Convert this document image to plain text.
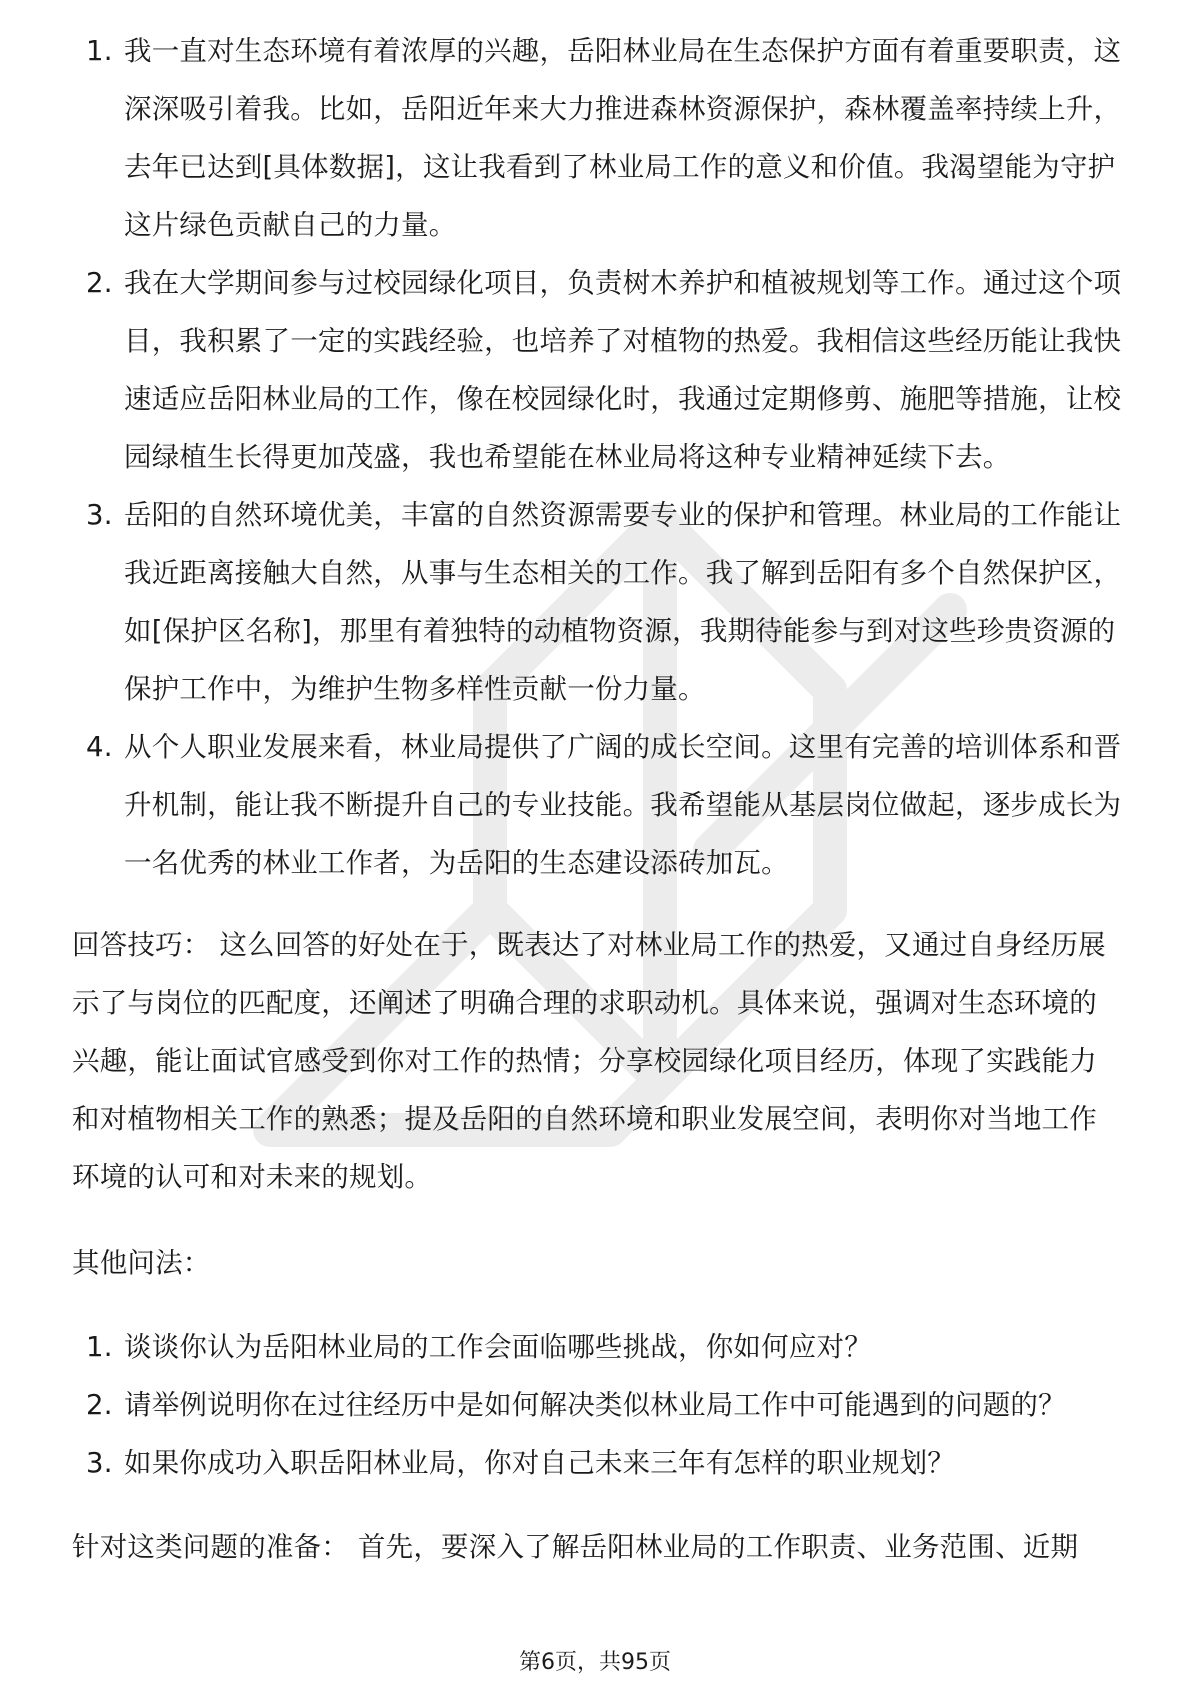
1. 我一直对生态环境有着浓厚的兴趣，岳阳林业局在生态保护方面有着重要职责，这深深吸引着我。比如，岳阳近年来大力推进森林资源保护，森林覆盖率持续上升，去年已达到[具体数据]，这让我看到了林业局工作的意义和价值。我渴望能为守护这片绿色贡献自己的力量。
2. 我在大学期间参与过校园绿化项目，负责树木养护和植被规划等工作。通过这个项目，我积累了一定的实践经验，也培养了对植物的热爱。我相信这些经历能让我快速适应岳阳林业局的工作，像在校园绿化时，我通过定期修剪、施肥等措施，让校园绿植生长得更加茂盛，我也希望能在林业局将这种专业精神延续下去。
3. 岳阳的自然环境优美，丰富的自然资源需要专业的保护和管理。林业局的工作能让我近距离接触大自然，从事与生态相关的工作。我了解到岳阳有多个自然保护区，如[保护区名称]，那里有着独特的动植物资源，我期待能参与到对这些珍贵资源的保护工作中，为维护生物多样性贡献一份力量。
4. 从个人职业发展来看，林业局提供了广阔的成长空间。这里有完善的培训体系和晋升机制，能让我不断提升自己的专业技能。我希望能从基层岗位做起，逐步成长为一名优秀的林业工作者，为岳阳的生态建设添砖加瓦。

回答技巧： 这么回答的好处在于，既表达了对林业局工作的热爱，又通过自身经历展示了与岗位的匹配度，还阐述了明确合理的求职动机。具体来说，强调对生态环境的兴趣，能让面试官感受到你对工作的热情；分享校园绿化项目经历，体现了实践能力和对植物相关工作的熟悉；提及岳阳的自然环境和职业发展空间，表明你对当地工作环境的认可和对未来的规划。

其他问法：

1. 谈谈你认为岳阳林业局的工作会面临哪些挑战，你如何应对？
2. 请举例说明你在过往经历中是如何解决类似林业局工作中可能遇到的问题的？
3. 如果你成功入职岳阳林业局，你对自己未来三年有怎样的职业规划？

针对这类问题的准备： 首先，要深入了解岳阳林业局的工作职责、业务范围、近期

第6页，共95页
